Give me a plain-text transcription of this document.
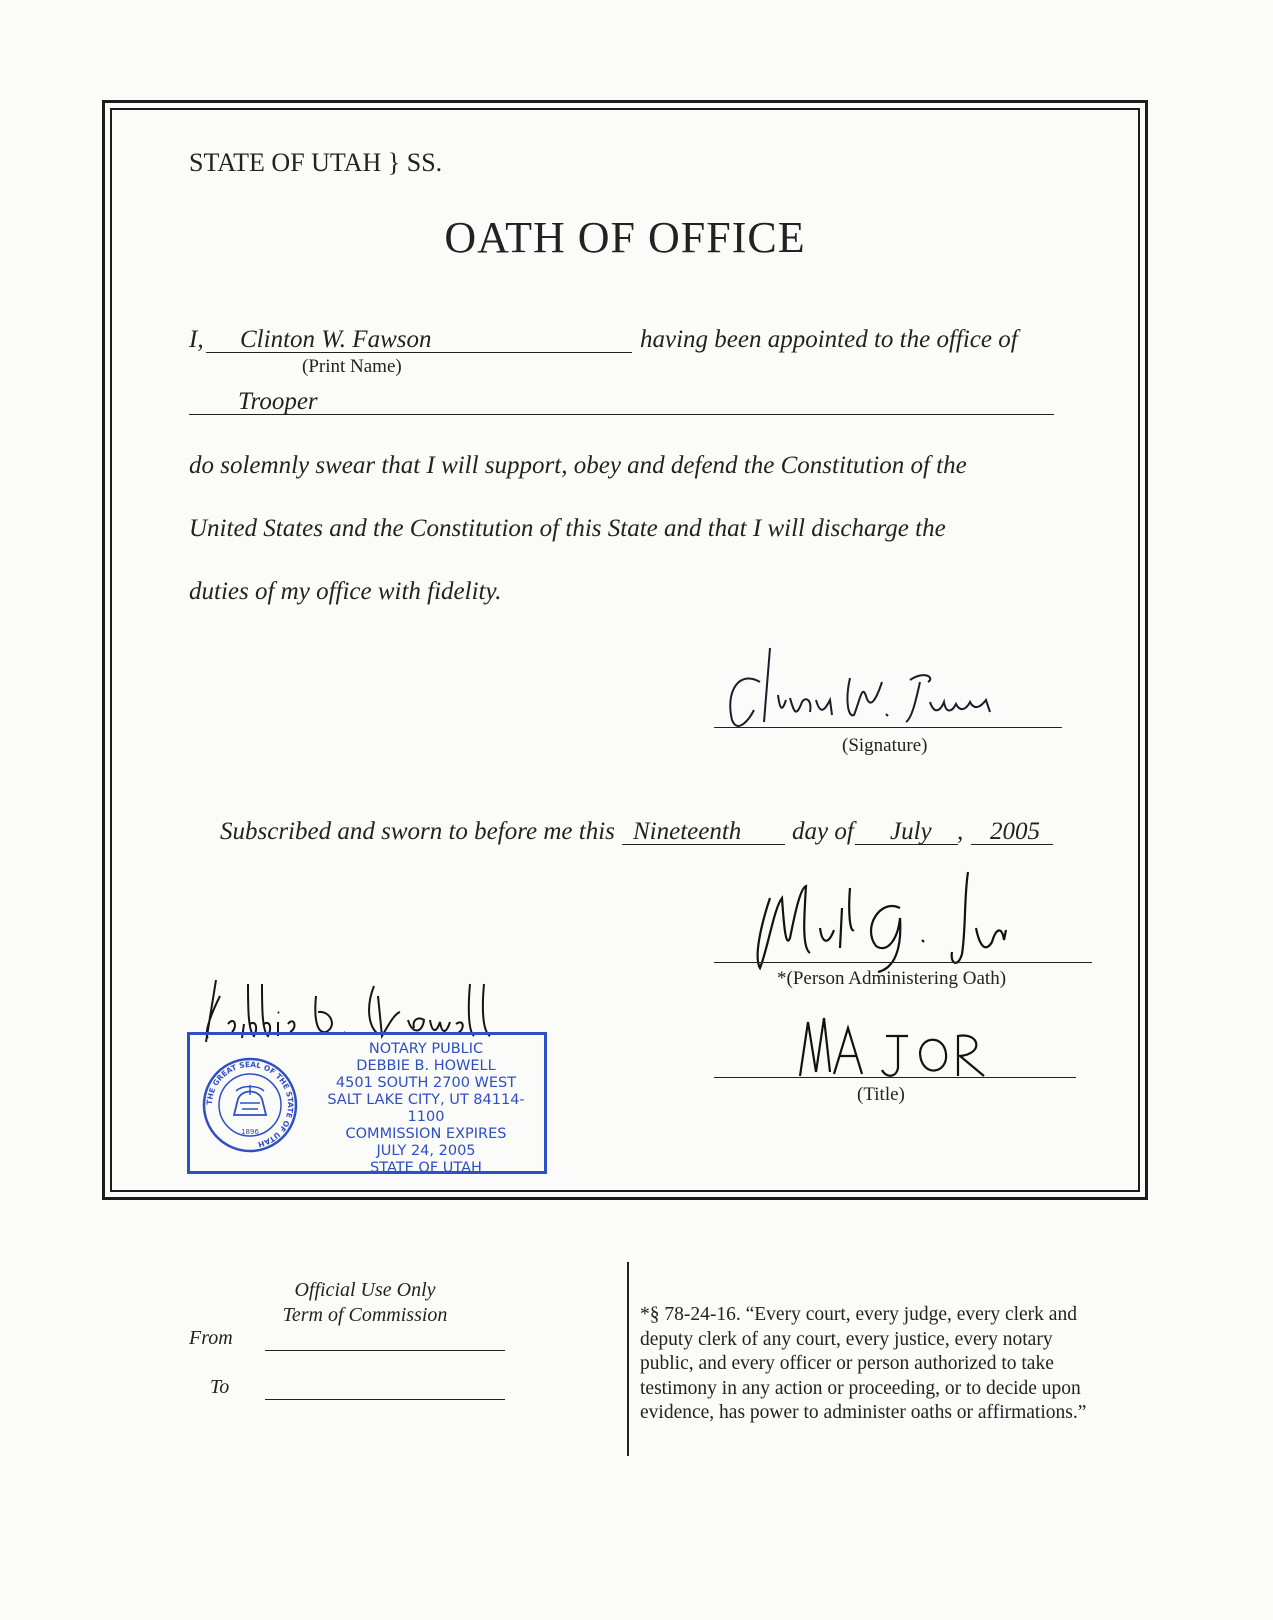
STATE OF UTAH } SS.
OATH OF OFFICE
I, Clinton W. Fawson	having been appointed to the office of
(Print Name)
Trooper
do solemnly swear that I will support, obey and defend the Constitution of the
United States and the Constitution of this State and that I will discharge the
duties of my office with fidelity.
(Signature)
Subscribed and sworn to before me this Nineteenth day of July , 2005
*(Person Administering Oath)
(Title)
THE GREAT SEAL OF THE STATE OF UTAH
1896
NOTARY PUBLIC
DEBBIE B. HOWELL
4501 SOUTH 2700 WEST
SALT LAKE CITY, UT 84114-1100
COMMISSION EXPIRES
JULY 24, 2005
STATE OF UTAH
Official Use Only
Term of Commission
From
To
*§ 78-24-16. “Every court, every judge, every clerk and
deputy clerk of any court, every justice, every notary
public, and every officer or person authorized to take
testimony in any action or proceeding, or to decide upon
evidence, has power to administer oaths or affirmations.”
